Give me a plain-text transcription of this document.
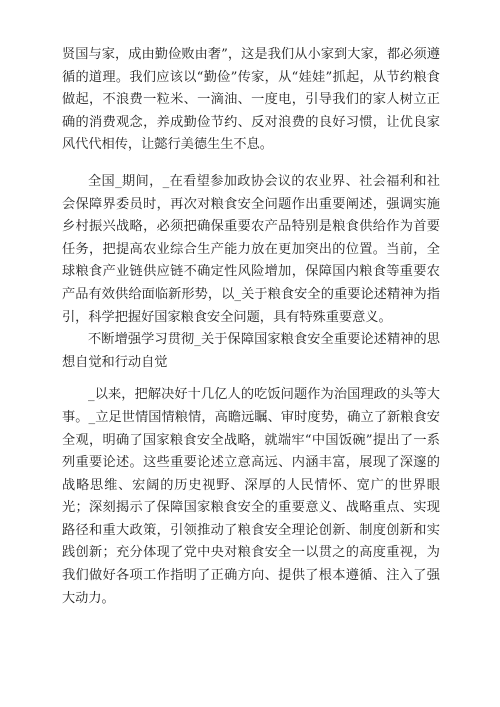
贤国与家，成由勤俭败由奢”，这是我们从小家到大家，都必须遵循的道理。我们应该以“勤俭”传家，从“娃娃”抓起，从节约粮食做起，不浪费一粒米、一滴油、一度电，引导我们的家人树立正确的消费观念，养成勤俭节约、反对浪费的良好习惯，让优良家风代代相传，让懿行美德生生不息。

全国_期间，_在看望参加政协会议的农业界、社会福利和社会保障界委员时，再次对粮食安全问题作出重要阐述，强调实施乡村振兴战略，必须把确保重要农产品特别是粮食供给作为首要任务，把提高农业综合生产能力放在更加突出的位置。当前，全球粮食产业链供应链不确定性风险增加，保障国内粮食等重要农产品有效供给面临新形势，以_关于粮食安全的重要论述精神为指引，科学把握好国家粮食安全问题，具有特殊重要意义。

不断增强学习贯彻_关于保障国家粮食安全重要论述精神的思想自觉和行动自觉

_以来，把解决好十几亿人的吃饭问题作为治国理政的头等大事。_立足世情国情粮情，高瞻远瞩、审时度势，确立了新粮食安全观，明确了国家粮食安全战略，就端牢“中国饭碗”提出了一系列重要论述。这些重要论述立意高远、内涵丰富，展现了深邃的战略思维、宏阔的历史视野、深厚的人民情怀、宽广的世界眼光；深刻揭示了保障国家粮食安全的重要意义、战略重点、实现路径和重大政策，引领推动了粮食安全理论创新、制度创新和实践创新；充分体现了党中央对粮食安全一以贯之的高度重视，为我们做好各项工作指明了正确方向、提供了根本遵循、注入了强大动力。
